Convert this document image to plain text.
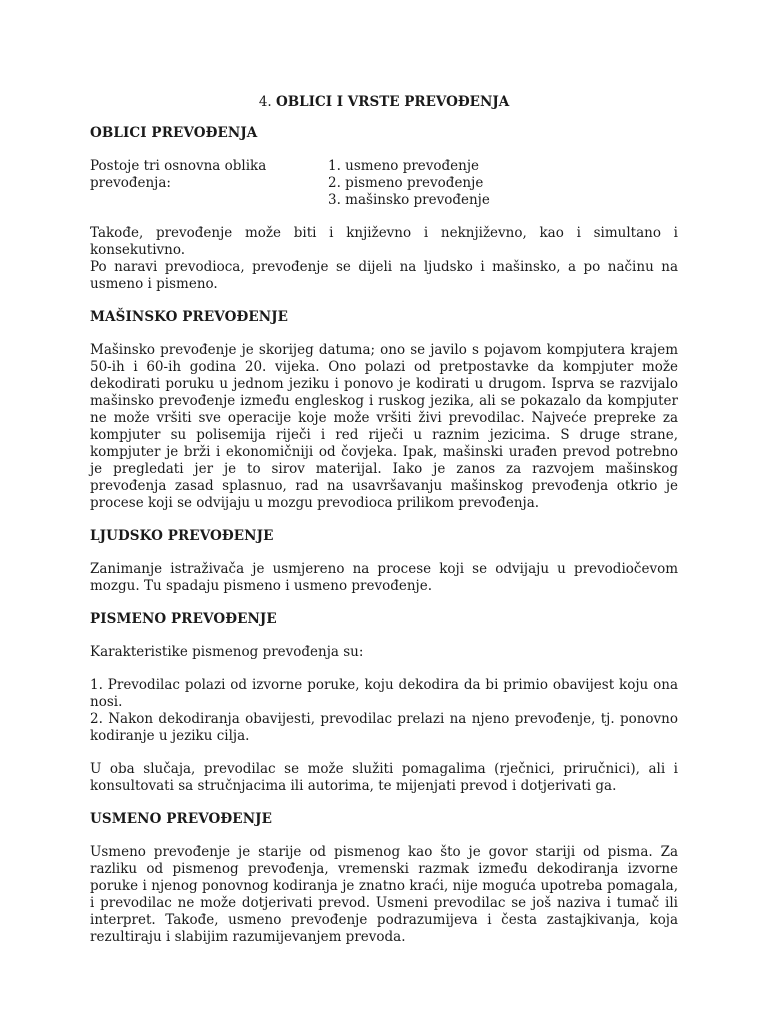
4. OBLICI I VRSTE PREVOĐENJA
OBLICI PREVOĐENJA
Postoje tri osnovna oblika prevođenja:
1. usmeno prevođenje
2. pismeno prevođenje
3. mašinsko prevođenje

Takođe, prevođenje može biti i književno i neknjiževno, kao i simultano i konsekutivno.

Po naravi prevodioca, prevođenje se dijeli na ljudsko i mašinsko, a po načinu na usmeno i pismeno.

MAŠINSKO PREVOĐENJE

Mašinsko prevođenje je skorijeg datuma; ono se javilo s pojavom kompjutera krajem 50-ih i 60-ih godina 20. vijeka. Ono polazi od pretpostavke da kompjuter može dekodirati poruku u jednom jeziku i ponovo je kodirati u drugom. Isprva se razvijalo mašinsko prevođenje između engleskog i ruskog jezika, ali se pokazalo da kompjuter ne može vršiti sve operacije koje može vršiti živi prevodilac. Najveće prepreke za kompjuter su polisemija riječi i red riječi u raznim jezicima. S druge strane, kompjuter je brži i ekonomičniji od čovjeka. Ipak, mašinski urađen prevod potrebno je pregledati jer je to sirov materijal. Iako je zanos za razvojem mašinskog prevođenja zasad splasnuo, rad na usavršavanju mašinskog prevođenja otkrio je procese koji se odvijaju u mozgu prevodioca prilikom prevođenja.

LJUDSKO PREVOĐENJE

Zanimanje istraživača je usmjereno na procese koji se odvijaju u prevodiočevom mozgu. Tu spadaju pismeno i usmeno prevođenje.

PISMENO PREVOĐENJE

Karakteristike pismenog prevođenja su:

1. Prevodilac polazi od izvorne poruke, koju dekodira da bi primio obavijest koju ona nosi.

2. Nakon dekodiranja obavijesti, prevodilac prelazi na njeno prevođenje, tj. ponovno kodiranje u jeziku cilja.

U oba slučaja, prevodilac se može služiti pomagalima (rječnici, priručnici), ali i konsultovati sa stručnjacima ili autorima, te mijenjati prevod i dotjerivati ga.

USMENO PREVOĐENJE

Usmeno prevođenje je starije od pismenog kao što je govor stariji od pisma. Za razliku od pismenog prevođenja, vremenski razmak između dekodiranja izvorne poruke i njenog ponovnog kodiranja je znatno kraći, nije moguća upotreba pomagala, i prevodilac ne može dotjerivati prevod. Usmeni prevodilac se još naziva i tumač ili interpret. Takođe, usmeno prevođenje podrazumijeva i česta zastajkivanja, koja rezultiraju i slabijim razumijevanjem prevoda.
